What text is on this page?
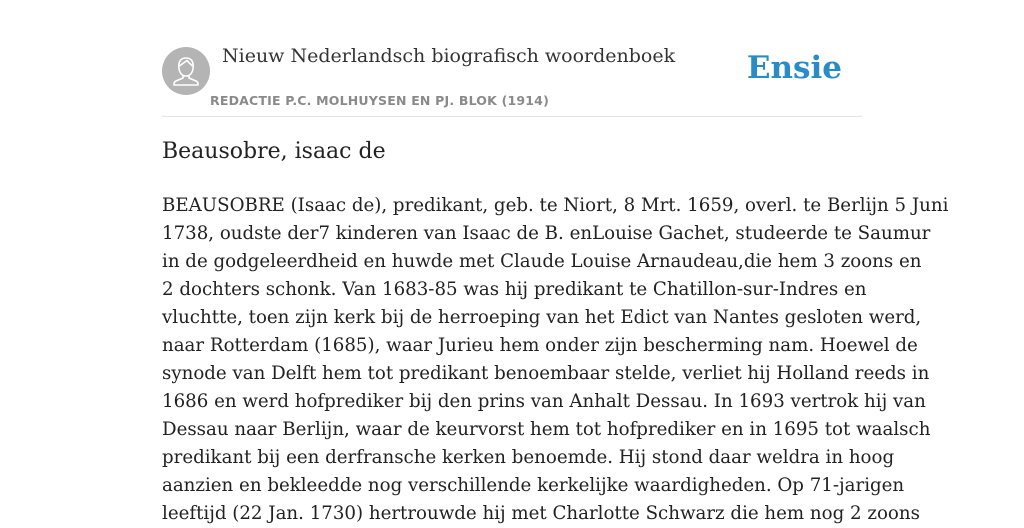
Nieuw Nederlandsch biografisch woordenboek
REDACTIE P.C. MOLHUYSEN EN PJ. BLOK (1914)
Ensie
Beausobre, isaac de
BEAUSOBRE (Isaac de), predikant, geb. te Niort, 8 Mrt. 1659, overl. te Berlijn 5 Juni
1738, oudste der7 kinderen van Isaac de B. enLouise Gachet, studeerde te Saumur
in de godgeleerdheid en huwde met Claude Louise Arnaudeau,die hem 3 zoons en
2 dochters schonk. Van 1683-85 was hij predikant te Chatillon-sur-Indres en
vluchtte, toen zijn kerk bij de herroeping van het Edict van Nantes gesloten werd,
naar Rotterdam (1685), waar Jurieu hem onder zijn bescherming nam. Hoewel de
synode van Delft hem tot predikant benoembaar stelde, verliet hij Holland reeds in
1686 en werd hofprediker bij den prins van Anhalt Dessau. In 1693 vertrok hij van
Dessau naar Berlijn, waar de keurvorst hem tot hofprediker en in 1695 tot waalsch
predikant bij een derfransche kerken benoemde. Hij stond daar weldra in hoog
aanzien en bekleedde nog verschillende kerkelijke waardigheden. Op 71-jarigen
leeftijd (22 Jan. 1730) hertrouwde hij met Charlotte Schwarz die hem nog 2 zoons
